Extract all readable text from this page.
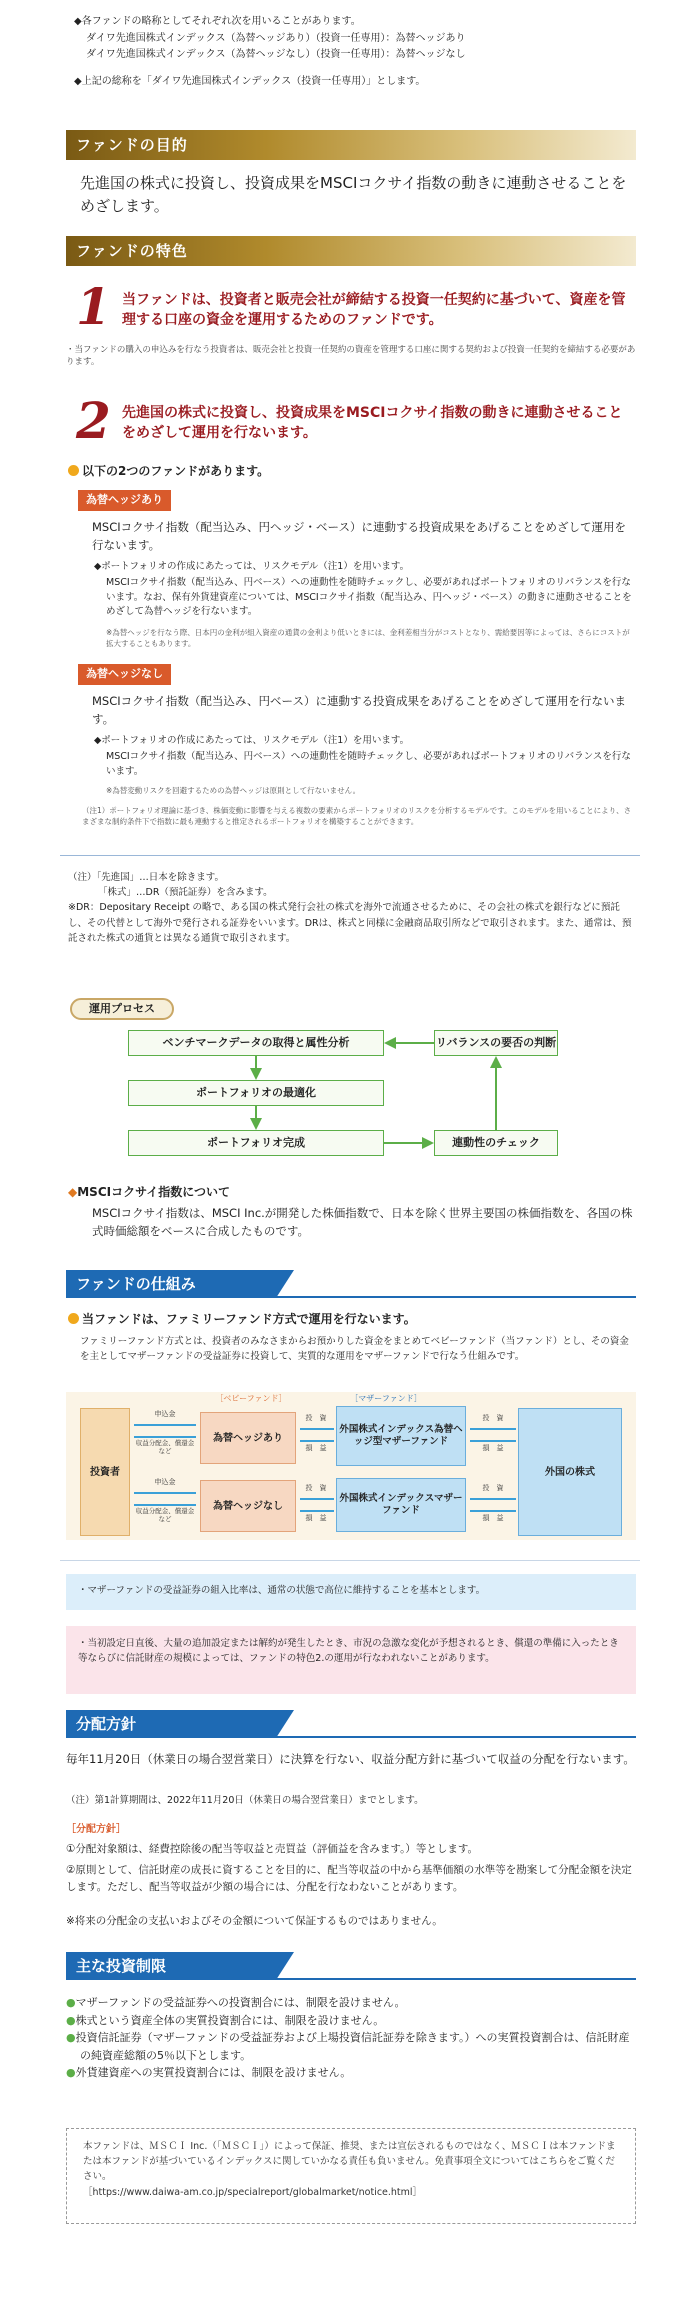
◆各ファンドの略称としてそれぞれ次を用いることがあります。
ダイワ先進国株式インデックス（為替ヘッジあり）（投資一任専用）：為替ヘッジあり
ダイワ先進国株式インデックス（為替ヘッジなし）（投資一任専用）：為替ヘッジなし
◆上記の総称を「ダイワ先進国株式インデックス（投資一任専用）」とします。
ファンドの目的
先進国の株式に投資し、投資成果をMSCIコクサイ指数の動きに連動させることをめざします。
ファンドの特色
1 当ファンドは、投資者と販売会社が締結する投資一任契約に基づいて、資産を管理する口座の資金を運用するためのファンドです。
・当ファンドの購入の申込みを行なう投資者は、販売会社と投資一任契約の資産を管理する口座に関する契約および投資一任契約を締結する必要があります。
2 先進国の株式に投資し、投資成果をMSCIコクサイ指数の動きに連動させることをめざして運用を行ないます。
以下の2つのファンドがあります。
為替ヘッジあり
MSCIコクサイ指数（配当込み、円ヘッジ・ベース）に連動する投資成果をあげることをめざして運用を行ないます。
◆ポートフォリオの作成にあたっては、リスクモデル（注1）を用います。
MSCIコクサイ指数（配当込み、円ベース）への連動性を随時チェックし、必要があればポートフォリオのリバランスを行ないます。なお、保有外貨建資産については、MSCIコクサイ指数（配当込み、円ヘッジ・ベース）の動きに連動させることをめざして為替ヘッジを行ないます。
※為替ヘッジを行なう際、日本円の金利が組入資産の通貨の金利より低いときには、金利差相当分がコストとなり、需給要因等によっては、さらにコストが拡大することもあります。
為替ヘッジなし
MSCIコクサイ指数（配当込み、円ベース）に連動する投資成果をあげることをめざして運用を行ないます。
◆ポートフォリオの作成にあたっては、リスクモデル（注1）を用います。
MSCIコクサイ指数（配当込み、円ベース）への連動性を随時チェックし、必要があればポートフォリオのリバランスを行ないます。
※為替変動リスクを回避するための為替ヘッジは原則として行ないません。
（注1）ポートフォリオ理論に基づき、株価変動に影響を与える複数の要素からポートフォリオのリスクを分析するモデルです。このモデルを用いることにより、さまざまな制約条件下で指数に最も連動すると推定されるポートフォリオを構築することができます。
（注）「先進国」…日本を除きます。
「株式」…DR（預託証券）を含みます。
※DR：Depositary Receipt の略で、ある国の株式発行会社の株式を海外で流通させるために、その会社の株式を銀行などに預託し、その代替として海外で発行される証券をいいます。DRは、株式と同様に金融商品取引所などで取引されます。また、通常は、預託された株式の通貨とは異なる通貨で取引されます。
運用プロセス
ベンチマークデータの取得と属性分析
ポートフォリオの最適化
ポートフォリオ完成	連動性のチェック
リバランスの要否の判断
◆MSCIコクサイ指数について
MSCIコクサイ指数は、MSCI Inc.が開発した株価指数で、日本を除く世界主要国の株価指数を、各国の株式時価総額をベースに合成したものです。
ファンドの仕組み
当ファンドは、ファミリーファンド方式で運用を行ないます。
ファミリーファンド方式とは、投資者のみなさまからお預かりした資金をまとめてベビーファンド（当ファンド）とし、その資金を主としてマザーファンドの受益証券に投資して、実質的な運用をマザーファンドで行なう仕組みです。
［ベビーファンド］	［マザーファンド］
投資者
為替ヘッジあり
為替ヘッジなし
外国株式インデックス為替ヘッジ型マザーファンド
外国株式インデックスマザーファンド
外国の株式
申込金
収益分配金、償還金 など
申込金
収益分配金、償還金 など
投　資
損　益
投　資
損　益
投　資
損　益
投　資
損　益
・マザーファンドの受益証券の組入比率は、通常の状態で高位に維持することを基本とします。
・当初設定日直後、大量の追加設定または解約が発生したとき、市況の急激な変化が予想されるとき、償還の準備に入ったとき等ならびに信託財産の規模によっては、ファンドの特色2.の運用が行なわれないことがあります。
分配方針
毎年11月20日（休業日の場合翌営業日）に決算を行ない、収益分配方針に基づいて収益の分配を行ないます。
（注）第1計算期間は、2022年11月20日（休業日の場合翌営業日）までとします。
［分配方針］
①分配対象額は、経費控除後の配当等収益と売買益（評価益を含みます。）等とします。
②原則として、信託財産の成長に資することを目的に、配当等収益の中から基準価額の水準等を勘案して分配金額を決定します。ただし、配当等収益が少額の場合には、分配を行なわないことがあります。
※将来の分配金の支払いおよびその金額について保証するものではありません。
主な投資制限
●マザーファンドの受益証券への投資割合には、制限を設けません。
●株式という資産全体の実質投資割合には、制限を設けません。
●投資信託証券（マザーファンドの受益証券および上場投資信託証券を除きます。）への実質投資割合は、信託財産の純資産総額の5％以下とします。
●外貨建資産への実質投資割合には、制限を設けません。
本ファンドは、ＭＳＣＩ Inc.（「ＭＳＣＩ」）によって保証、推奨、または宣伝されるものではなく、ＭＳＣＩは本ファンドまたは本ファンドが基づいているインデックスに関していかなる責任も負いません。免責事項全文についてはこちらをご覧ください。
［https://www.daiwa-am.co.jp/specialreport/globalmarket/notice.html］
